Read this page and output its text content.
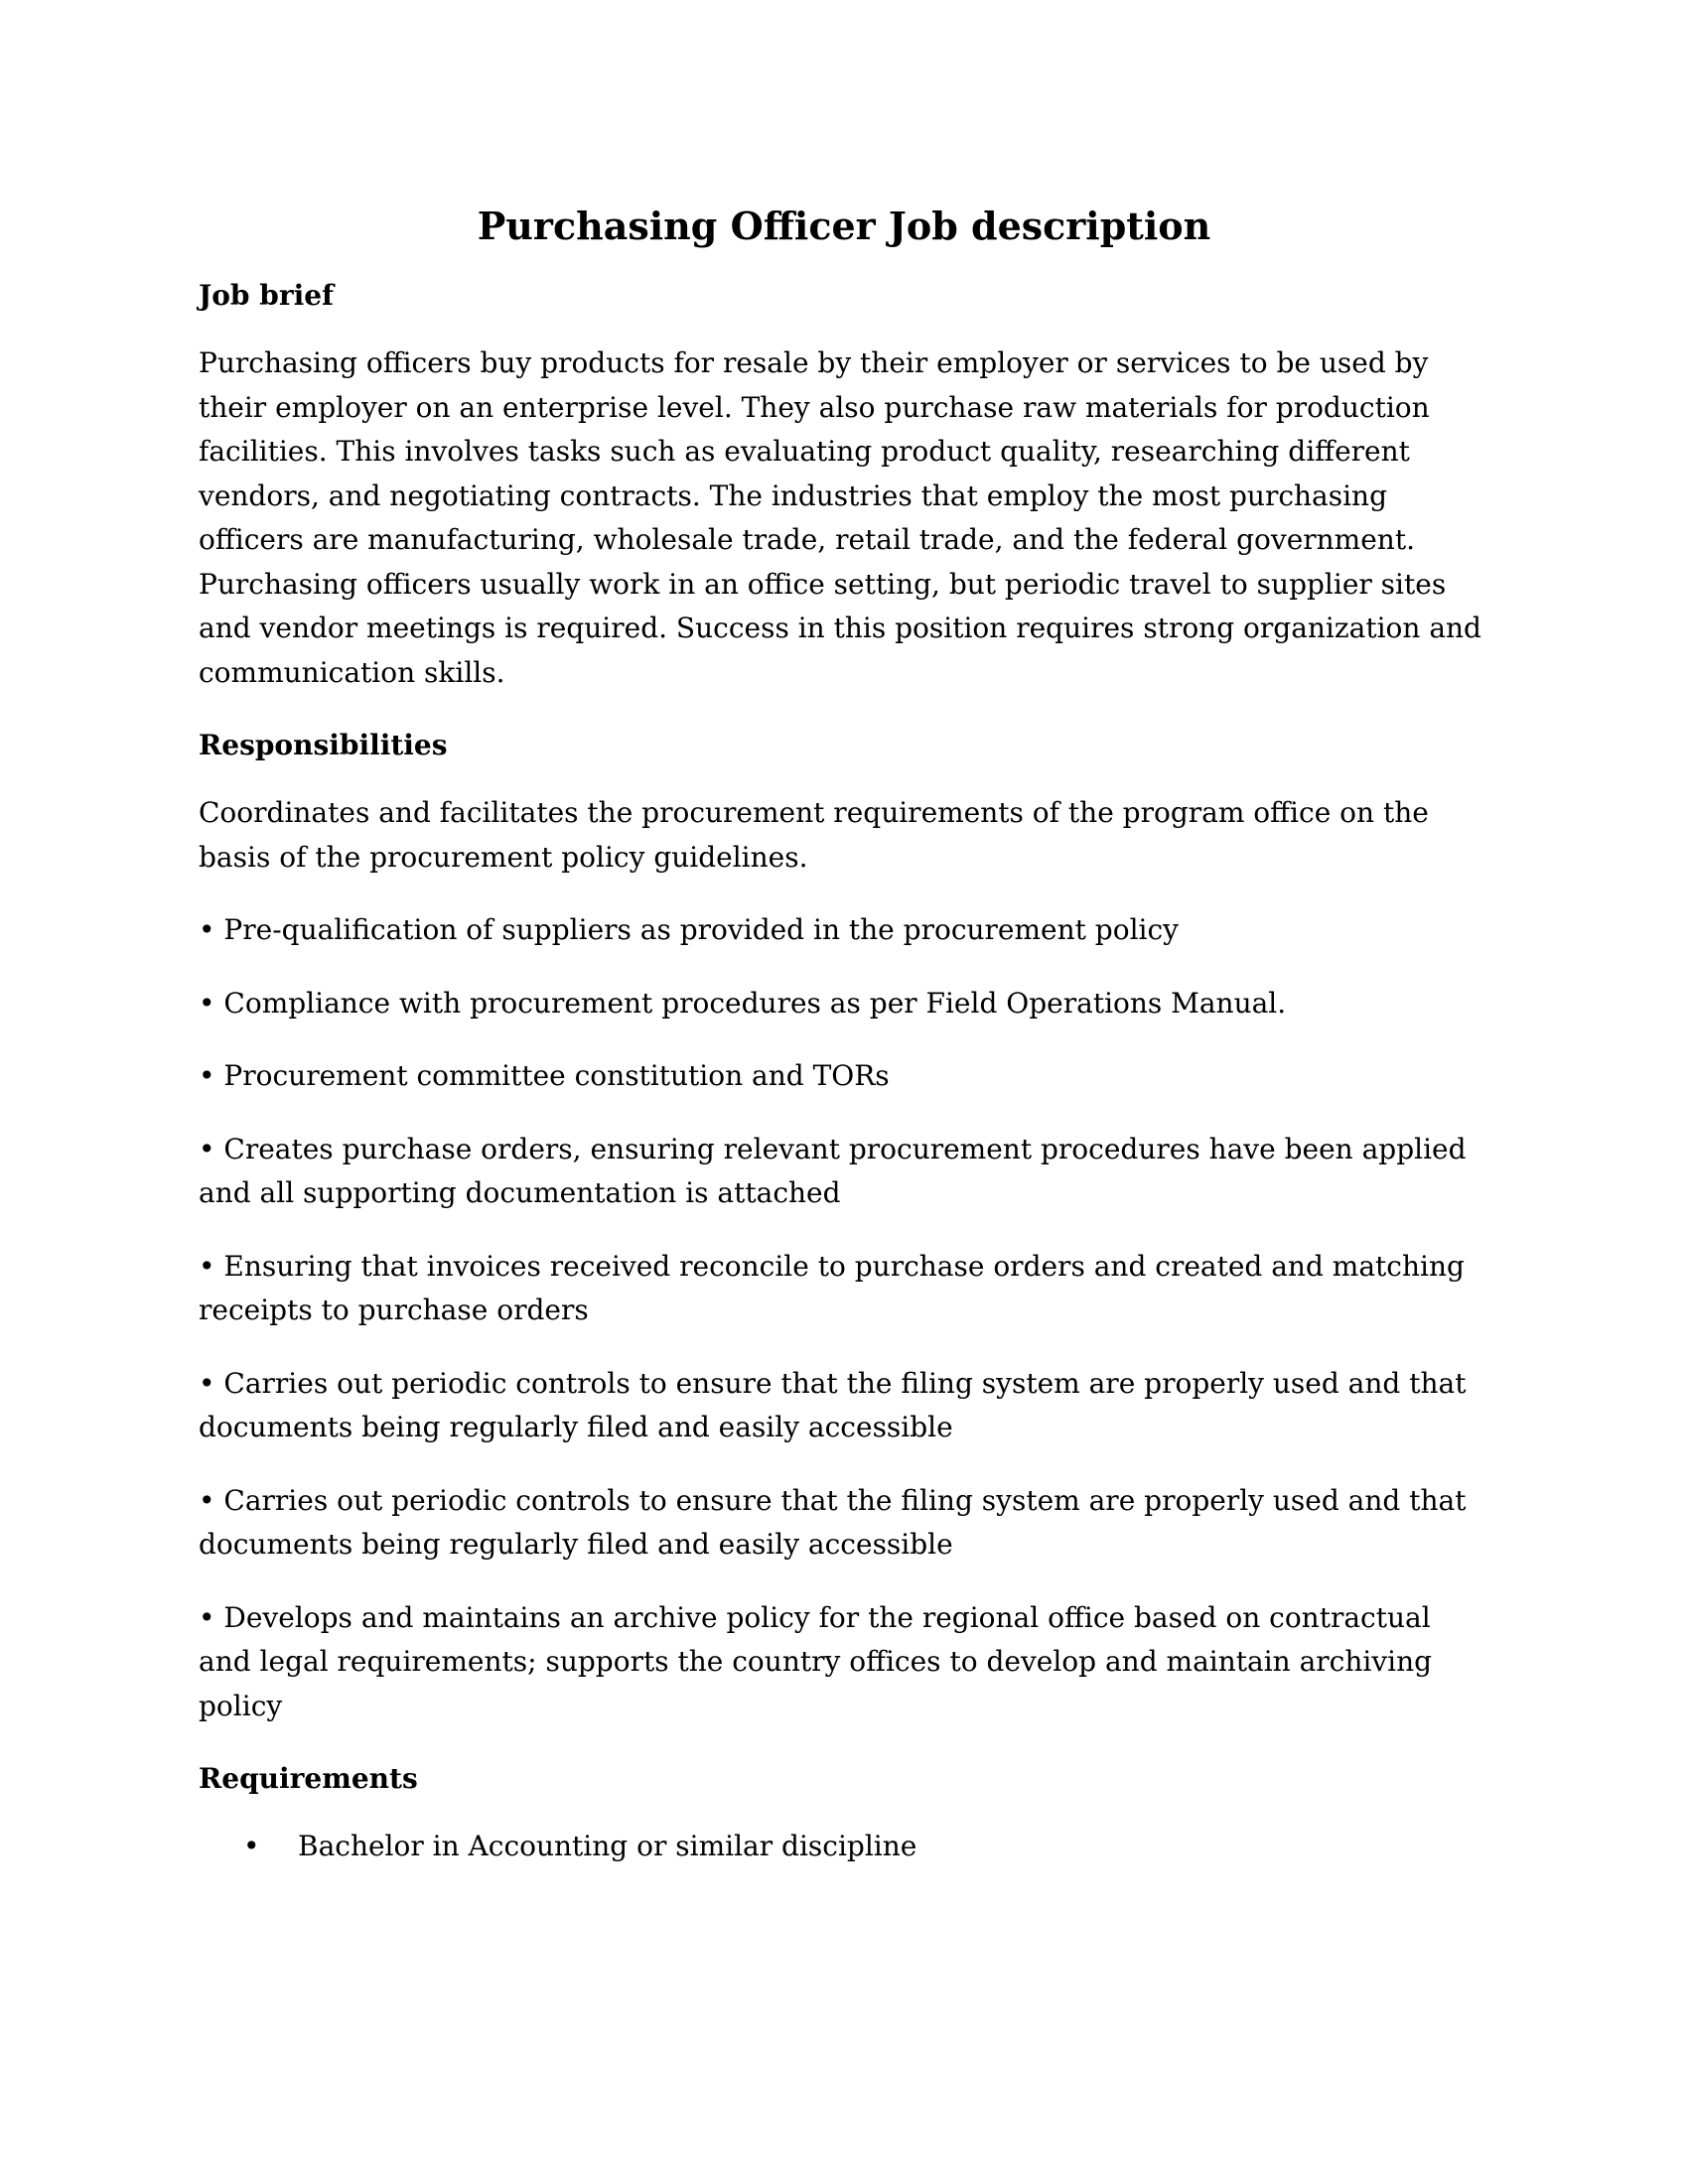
Purchasing Officer Job description
Job brief

Purchasing officers buy products for resale by their employer or services to be used by their employer on an enterprise level. They also purchase raw materials for production facilities. This involves tasks such as evaluating product quality, researching different vendors, and negotiating contracts. The industries that employ the most purchasing officers are manufacturing, wholesale trade, retail trade, and the federal government. Purchasing officers usually work in an office setting, but periodic travel to supplier sites and vendor meetings is required. Success in this position requires strong organization and communication skills.

Responsibilities

Coordinates and facilitates the procurement requirements of the program office on the basis of the procurement policy guidelines.

• Pre-qualification of suppliers as provided in the procurement policy

• Compliance with procurement procedures as per Field Operations Manual.

• Procurement committee constitution and TORs

• Creates purchase orders, ensuring relevant procurement procedures have been applied and all supporting documentation is attached

• Ensuring that invoices received reconcile to purchase orders and created and matching receipts to purchase orders

• Carries out periodic controls to ensure that the filing system are properly used and that documents being regularly filed and easily accessible

• Carries out periodic controls to ensure that the filing system are properly used and that documents being regularly filed and easily accessible

• Develops and maintains an archive policy for the regional office based on contractual and legal requirements; supports the country offices to develop and maintain archiving policy

Requirements
• Bachelor in Accounting or similar discipline
